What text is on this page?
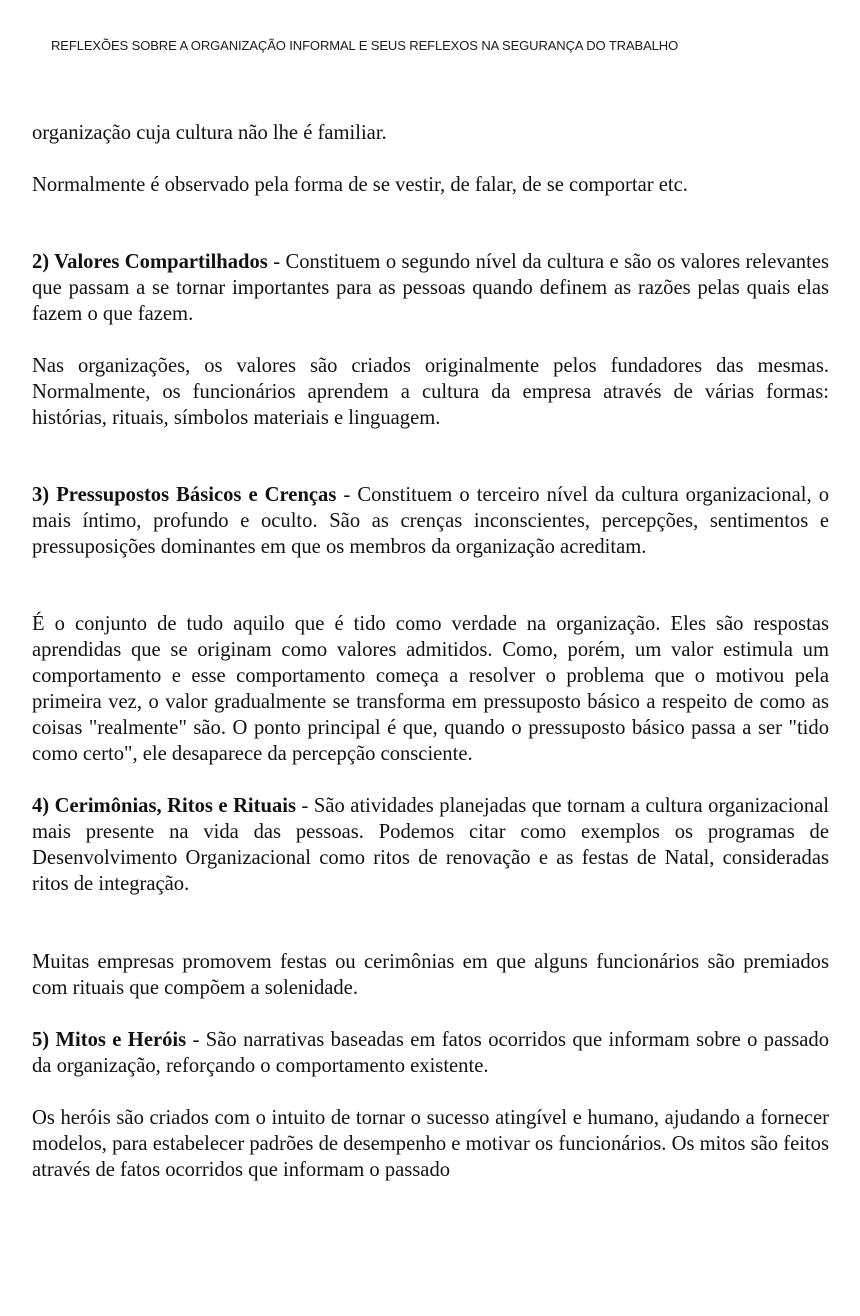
REFLEXÕES SOBRE A ORGANIZAÇÃO INFORMAL E SEUS REFLEXOS NA SEGURANÇA DO TRABALHO

organização cuja cultura não lhe é familiar.

Normalmente é observado pela forma de se vestir, de falar, de se comportar etc.

2) Valores Compartilhados - Constituem o segundo nível da cultura e são os valores relevantes que passam a se tornar importantes para as pessoas quando definem as razões pelas quais elas fazem o que fazem.

Nas organizações, os valores são criados originalmente pelos fundadores das mesmas. Normalmente, os funcionários aprendem a cultura da empresa através de várias formas: histórias, rituais, símbolos materiais e linguagem.

3) Pressupostos Básicos e Crenças - Constituem o terceiro nível da cultura organizacional, o mais íntimo, profundo e oculto. São as crenças inconscientes, percepções, sentimentos e pressuposições dominantes em que os membros da organização acreditam.

É o conjunto de tudo aquilo que é tido como verdade na organização. Eles são respostas aprendidas que se originam como valores admitidos. Como, porém, um valor estimula um comportamento e esse comportamento começa a resolver o problema que o motivou pela primeira vez, o valor gradualmente se transforma em pressuposto básico a respeito de como as coisas "realmente" são. O ponto principal é que, quando o pressuposto básico passa a ser "tido como certo", ele desaparece da percepção consciente.

4) Cerimônias, Ritos e Rituais - São atividades planejadas que tornam a cultura organizacional mais presente na vida das pessoas. Podemos citar como exemplos os programas de Desenvolvimento Organizacional como ritos de renovação e as festas de Natal, consideradas ritos de integração.

Muitas empresas promovem festas ou cerimônias em que alguns funcionários são premiados com rituais que compõem a solenidade.

5) Mitos e Heróis - São narrativas baseadas em fatos ocorridos que informam sobre o passado da organização, reforçando o comportamento existente.

Os heróis são criados com o intuito de tornar o sucesso atingível e humano, ajudando a fornecer modelos, para estabelecer padrões de desempenho e motivar os funcionários. Os mitos são feitos através de fatos ocorridos que informam o passado
